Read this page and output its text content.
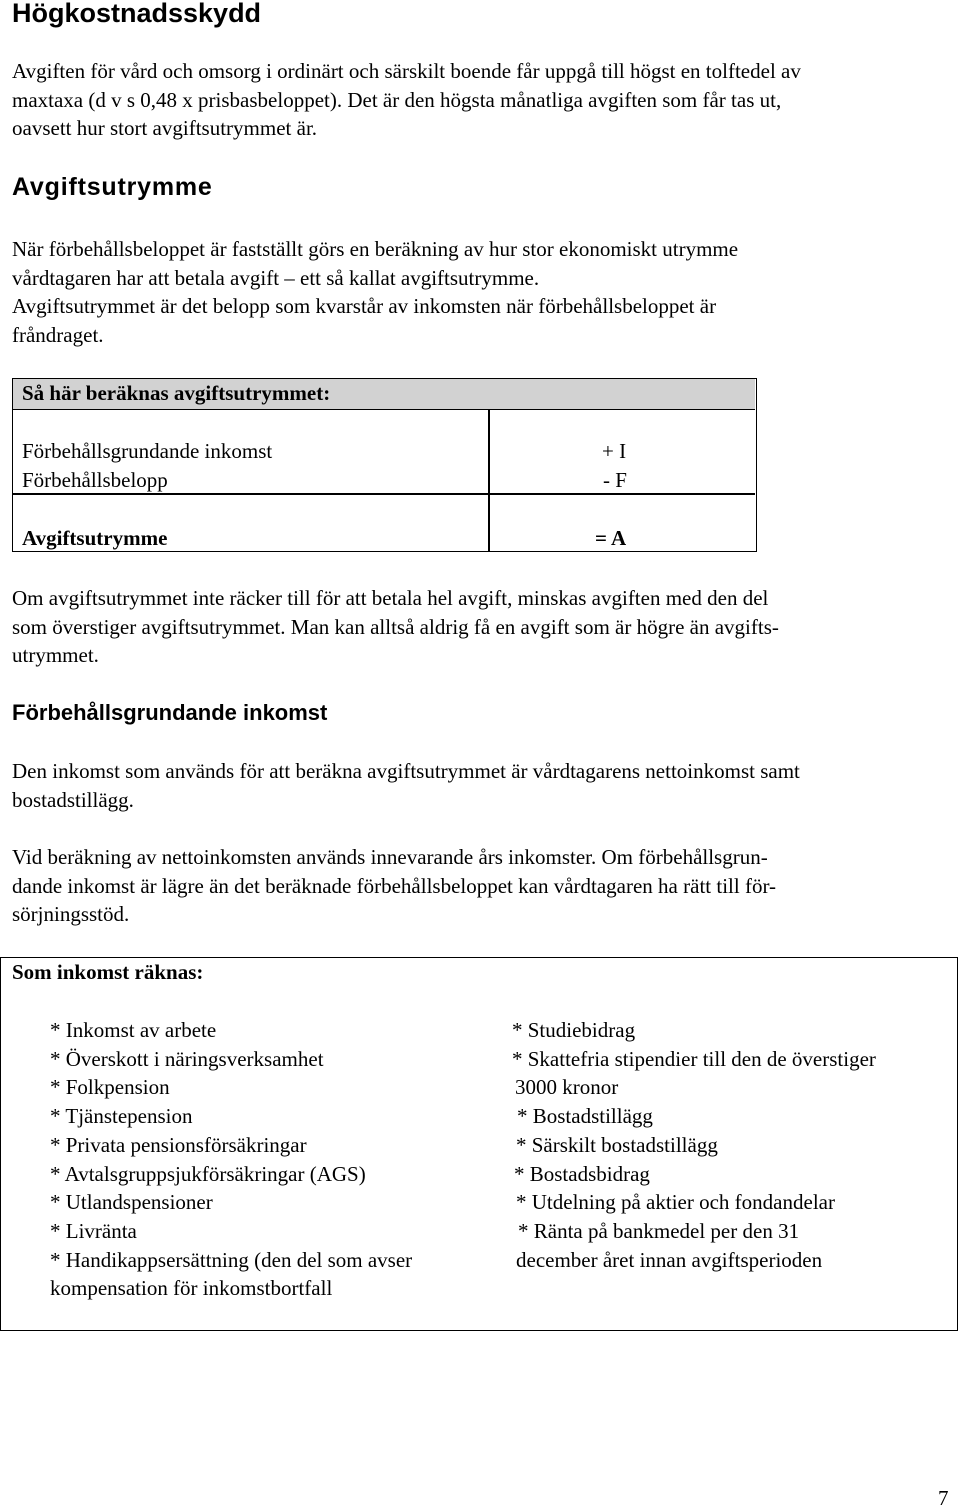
Högkostnadsskydd
Avgiften för vård och omsorg i ordinärt och särskilt boende får uppgå till högst en tolftedel av
maxtaxa (d v s 0,48 x prisbasbeloppet). Det är den högsta månatliga avgiften som får tas ut,
oavsett hur stort avgiftsutrymmet är.
Avgiftsutrymme
När förbehållsbeloppet är fastställt görs en beräkning av hur stor ekonomiskt utrymme
vårdtagaren har att betala avgift – ett så kallat avgiftsutrymme.
Avgiftsutrymmet är det belopp som kvarstår av inkomsten när förbehållsbeloppet är
fråndraget.
Så här beräknas avgiftsutrymmet:
Förbehållsgrundande inkomst	+ I
Förbehållsbelopp	- F
Avgiftsutrymme	= A
Om avgiftsutrymmet inte räcker till för att betala hel avgift, minskas avgiften med den del
som överstiger avgiftsutrymmet. Man kan alltså aldrig få en avgift som är högre än avgifts-
utrymmet.
Förbehållsgrundande inkomst
Den inkomst som används för att beräkna avgiftsutrymmet är vårdtagarens nettoinkomst samt
bostadstillägg.
Vid beräkning av nettoinkomsten används innevarande års inkomster. Om förbehållsgrun-
dande inkomst är lägre än det beräknade förbehållsbeloppet kan vårdtagaren ha rätt till för-
sörjningsstöd.
Som inkomst räknas:
* Inkomst av arbete
* Överskott i näringsverksamhet
* Folkpension
* Tjänstepension
* Privata pensionsförsäkringar
* Avtalsgruppsjukförsäkringar (AGS)
* Utlandspensioner
* Livränta
* Handikappsersättning (den del som avser
kompensation för inkomstbortfall
* Studiebidrag
* Skattefria stipendier till den de överstiger
3000 kronor
* Bostadstillägg
* Särskilt bostadstillägg
* Bostadsbidrag
* Utdelning på aktier och fondandelar
* Ränta på bankmedel per den 31
december året innan avgiftsperioden
7
